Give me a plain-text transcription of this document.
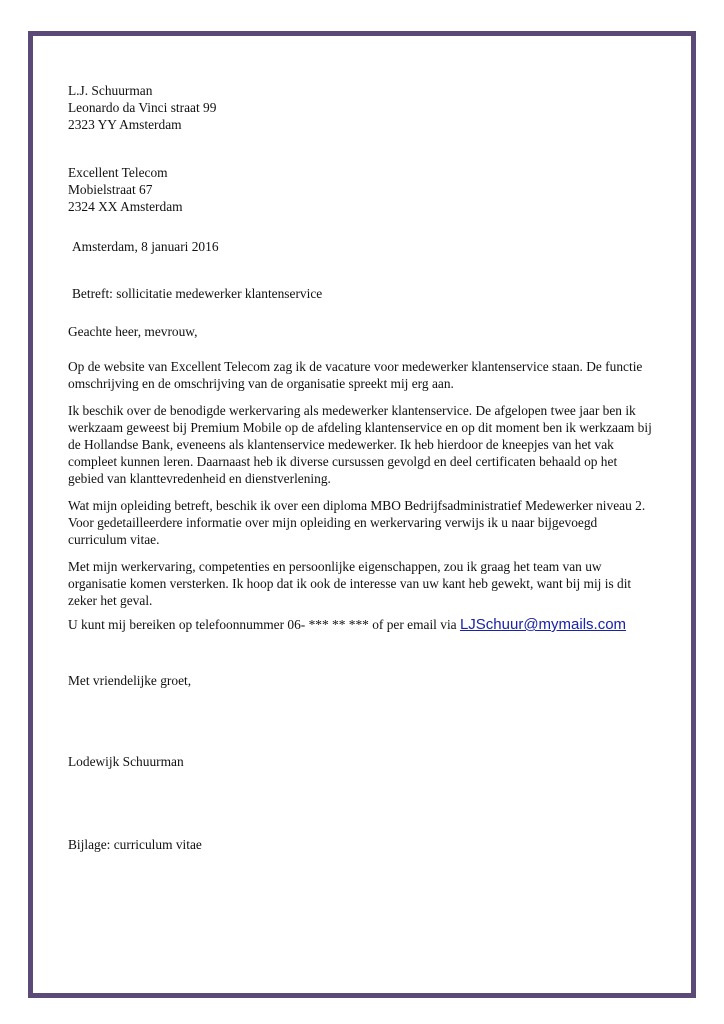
L.J. Schuurman
Leonardo da Vinci straat 99
2323 YY Amsterdam
Excellent Telecom
Mobielstraat 67
2324 XX Amsterdam
Amsterdam, 8 januari 2016
Betreft: sollicitatie medewerker klantenservice
Geachte heer, mevrouw,
Op de website van Excellent Telecom zag ik de vacature voor medewerker klantenservice staan. De functie
omschrijving en de omschrijving van de organisatie spreekt mij erg aan.
Ik beschik over de benodigde werkervaring als medewerker klantenservice. De afgelopen twee jaar ben ik
werkzaam geweest bij Premium Mobile op de afdeling klantenservice en op dit moment ben ik werkzaam bij
de Hollandse Bank, eveneens als klantenservice medewerker. Ik heb hierdoor de kneepjes van het vak
compleet kunnen leren. Daarnaast heb ik diverse cursussen gevolgd en deel certificaten behaald op het
gebied van klanttevredenheid en dienstverlening.
Wat mijn opleiding betreft, beschik ik over een diploma MBO Bedrijfsadministratief Medewerker niveau 2.
Voor gedetailleerdere informatie over mijn opleiding en werkervaring verwijs ik u naar bijgevoegd
curriculum vitae.
Met mijn werkervaring, competenties en persoonlijke eigenschappen, zou ik graag het team van uw
organisatie komen versterken. Ik hoop dat ik ook de interesse van uw kant heb gewekt, want bij mij is dit
zeker het geval.
U kunt mij bereiken op telefoonnummer 06- *** ** *** of per email via LJSchuur@mymails.com
Met vriendelijke groet,
Lodewijk Schuurman
Bijlage: curriculum vitae
